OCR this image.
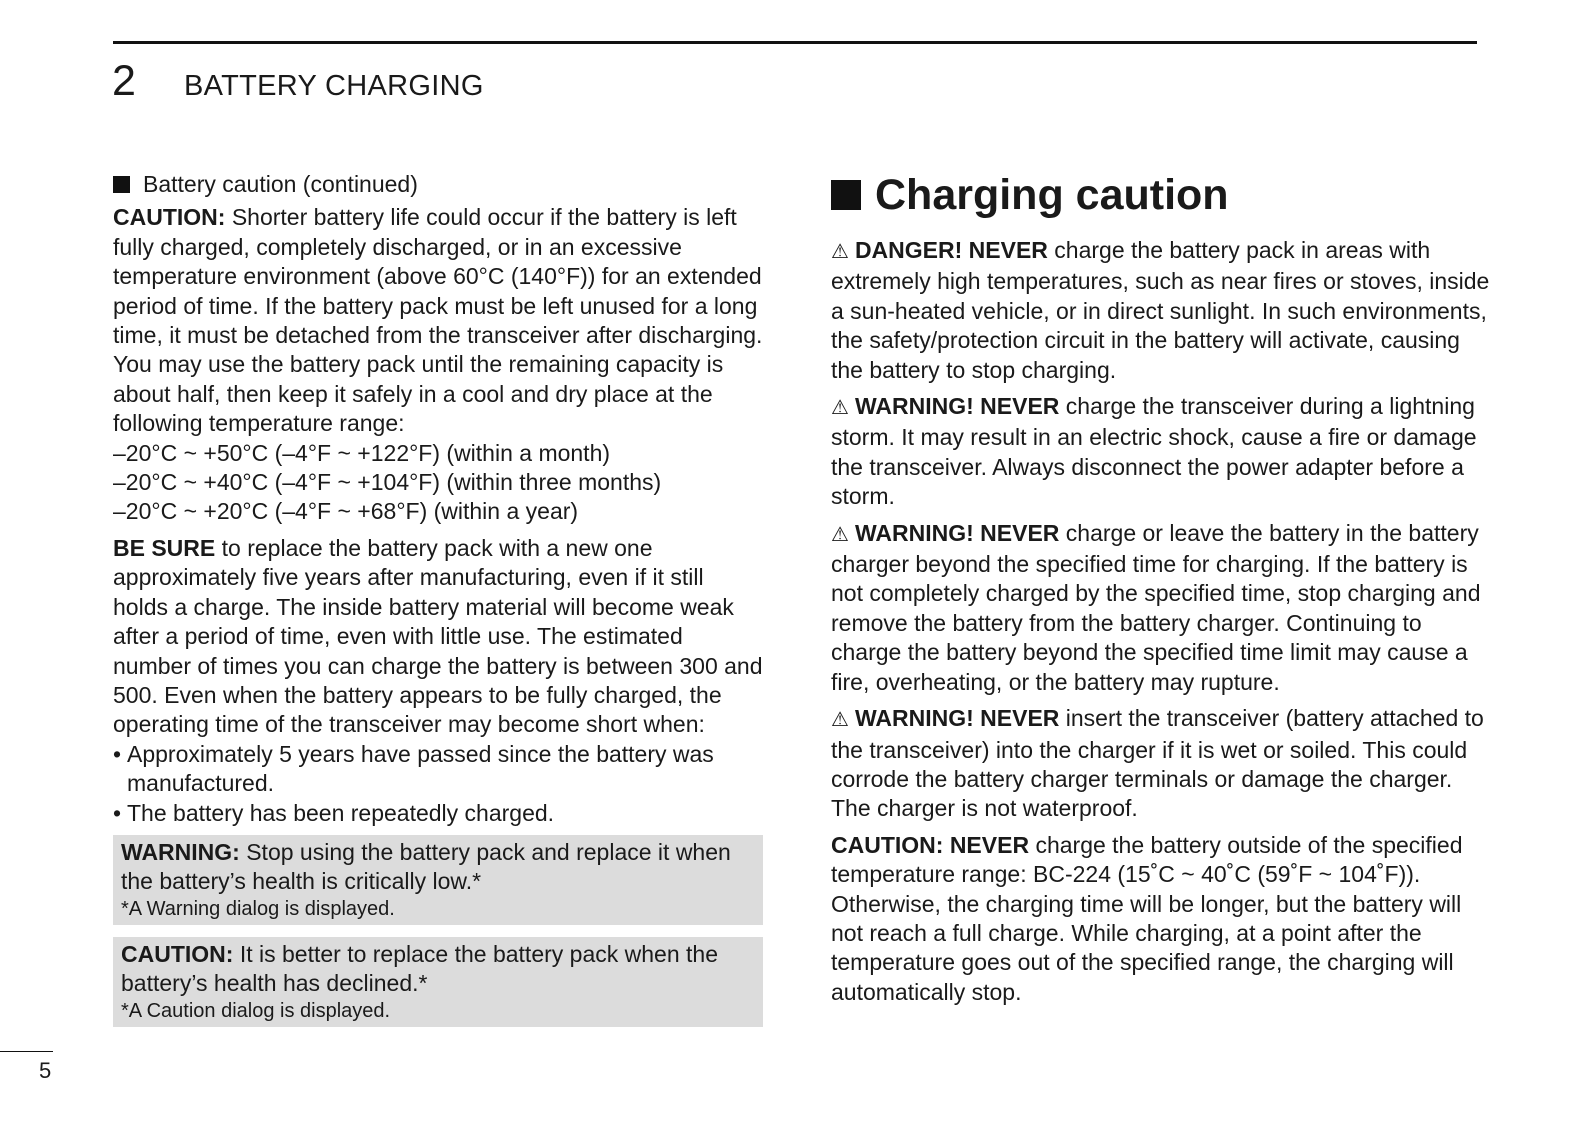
2 BATTERY CHARGING
Battery caution (continued)

CAUTION: Shorter battery life could occur if the battery is left fully charged, completely discharged, or in an excessive temperature environment (above 60°C (140°F)) for an extended period of time. If the battery pack must be left unused for a long time, it must be detached from the transceiver after discharging. You may use the battery pack until the remaining capacity is about half, then keep it safely in a cool and dry place at the following temperature range:
–20°C ~ +50°C (–4°F ~ +122°F) (within a month)
–20°C ~ +40°C (–4°F ~ +104°F) (within three months)
–20°C ~ +20°C (–4°F ~ +68°F) (within a year)

BE SURE to replace the battery pack with a new one approximately five years after manufacturing, even if it still holds a charge. The inside battery material will become weak after a period of time, even with little use. The estimated number of times you can charge the battery is between 300 and 500. Even when the battery appears to be fully charged, the operating time of the transceiver may become short when:

• Approximately 5 years have passed since the battery was manufactured.
• The battery has been repeatedly charged.

WARNING: Stop using the battery pack and replace it when the battery’s health is critically low.*

*A Warning dialog is displayed.

CAUTION: It is better to replace the battery pack when the battery’s health has declined.*

*A Caution dialog is displayed.

Charging caution

⚠ DANGER! NEVER charge the battery pack in areas with extremely high temperatures, such as near fires or stoves, inside a sun-heated vehicle, or in direct sunlight. In such environments, the safety/protection circuit in the battery will activate, causing the battery to stop charging.

⚠ WARNING! NEVER charge the transceiver during a lightning storm. It may result in an electric shock, cause a fire or damage the transceiver. Always disconnect the power adapter before a storm.

⚠ WARNING! NEVER charge or leave the battery in the battery charger beyond the specified time for charging. If the battery is not completely charged by the specified time, stop charging and remove the battery from the battery charger. Continuing to charge the battery beyond the specified time limit may cause a fire, overheating, or the battery may rupture.

⚠ WARNING! NEVER insert the transceiver (battery attached to the transceiver) into the charger if it is wet or soiled. This could corrode the battery charger terminals or damage the charger. The charger is not waterproof.

CAUTION: NEVER charge the battery outside of the specified temperature range: BC-224 (15˚C ~ 40˚C (59˚F ~ 104˚F)). Otherwise, the charging time will be longer, but the battery will not reach a full charge. While charging, at a point after the temperature goes out of the specified range, the charging will automatically stop.

5
